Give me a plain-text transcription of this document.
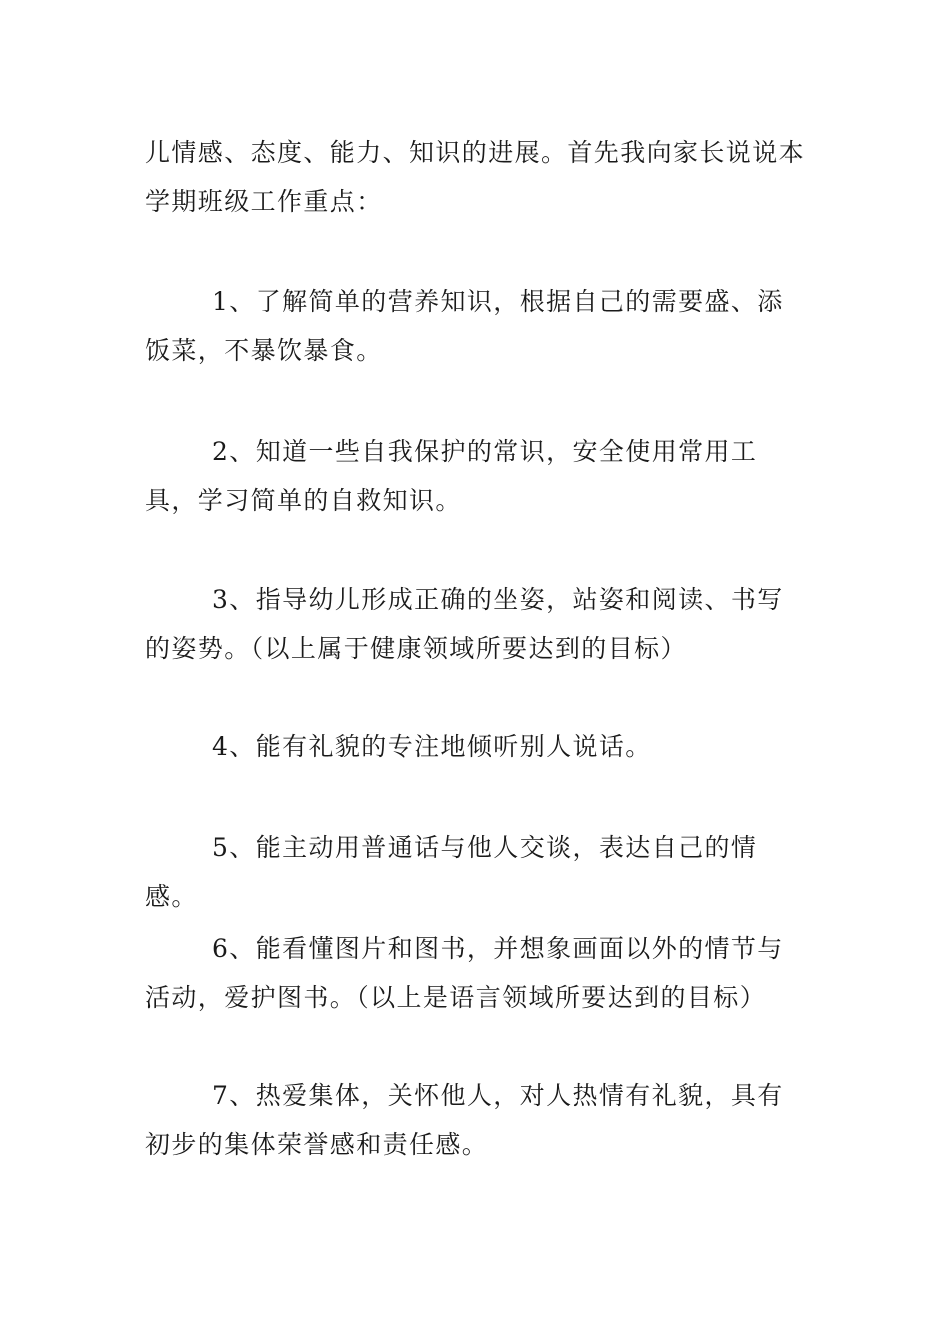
儿情感、态度、能力、知识的进展。首先我向家长说说本学期班级工作重点：

1、了解简单的营养知识，根据自己的需要盛、添饭菜，不暴饮暴食。

2、知道一些自我保护的常识，安全使用常用工具，学习简单的自救知识。

3、指导幼儿形成正确的坐姿，站姿和阅读、书写的姿势。（以上属于健康领域所要达到的目标）

4、能有礼貌的专注地倾听别人说话。

5、能主动用普通话与他人交谈，表达自己的情感。

6、能看懂图片和图书，并想象画面以外的情节与活动，爱护图书。（以上是语言领域所要达到的目标）

7、热爱集体，关怀他人，对人热情有礼貌，具有初步的集体荣誉感和责任感。
